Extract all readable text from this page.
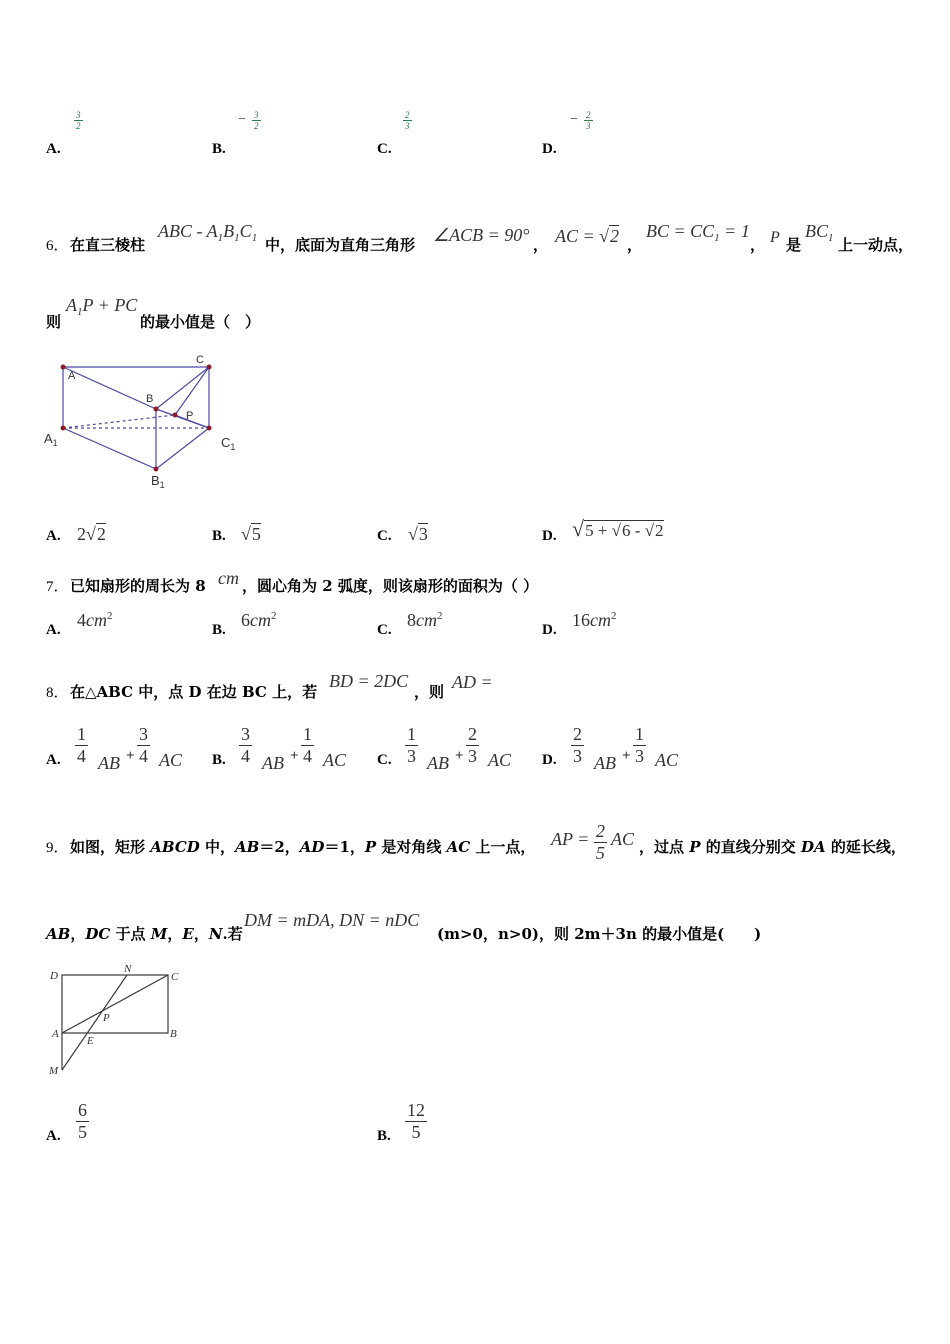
$\frac{3}{2}$
A.
− $\frac{3}{2}$
B.
$\frac{2}{3}$
C.
− $\frac{2}{3}$
D.
6． 在直三棱柱
ABC - $A_1B_1C_1$ 中，底面为直角三角形 ∠ACB = 90° ， AC = √2 ，
BC = $CC_1 = 1$
， P 是
$BC_1$ 上一动点，
则
$A_1P$ + PC
的最小值是（　）
A
C
B
P
$A_1$	$C_1$
$B_1$
A. 2√2	B. √5	C. √3	D. √5 + √6 - √2
7． 已知扇形的周长为 8 cm ，圆心角为 2 弧度，则该扇形的面积为（ ）
A. $4cm^2$
B. $6cm^2$
C. $8cm^2$
D. $16cm^2$
8． 在△ABC 中，点 D 在边 BC 上，若
BD = 2DC
，则 AD =
A. $\frac{1}{4}$ AB + $\frac{3}{4}$ AC B. $\frac{3}{4}$ AB + $\frac{1}{4}$ AC C. $\frac{1}{3}$ AB + $\frac{2}{3}$ AC D. $\frac{2}{3}$ AB + $\frac{1}{3}$ AC
9． 如图，矩形 ABCD 中，AB＝2，AD＝1，P 是对角线 AC 上一点， AP = $\frac{2}{5}$ AC ，过点 P 的直线分别交 DA 的延长线，
AB，DC 于点 M，E，N.若
DM = mDA, DN = nDC
(m>0，n>0)，则 2m＋3n 的最小值是(　　)
D
N
C
P
A	B
E
M
A. $\frac{6}{5}$	B. $\frac{12}{5}$
